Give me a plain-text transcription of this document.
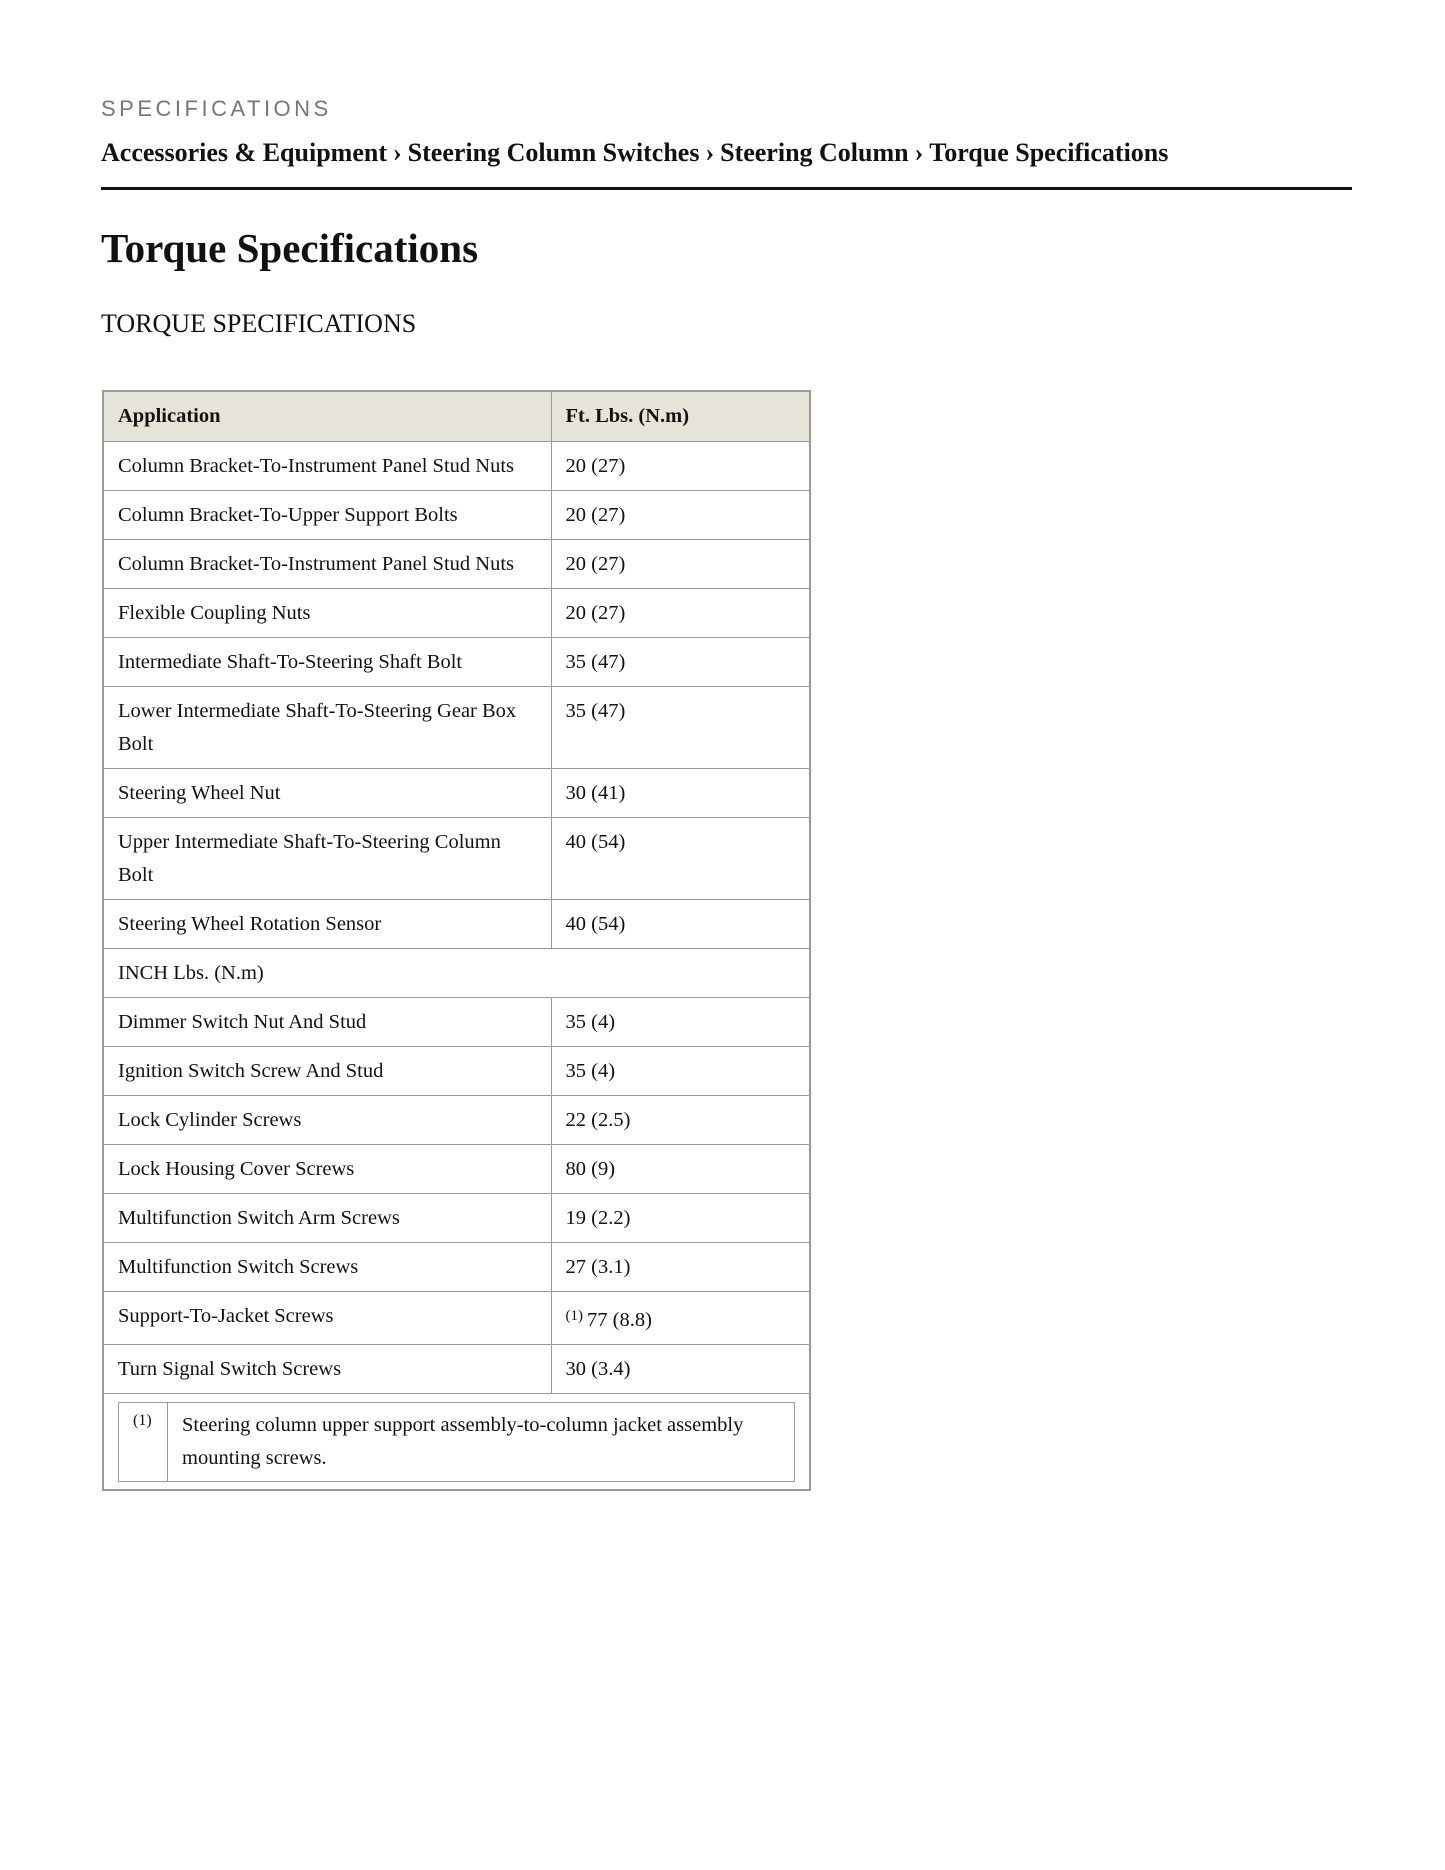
SPECIFICATIONS
Accessories & Equipment › Steering Column Switches › Steering Column › Torque Specifications
Torque Specifications
TORQUE SPECIFICATIONS
Application	Ft. Lbs. (N.m)
Column Bracket-To-Instrument Panel Stud Nuts	20 (27)
Column Bracket-To-Upper Support Bolts	20 (27)
Column Bracket-To-Instrument Panel Stud Nuts	20 (27)
Flexible Coupling Nuts	20 (27)
Intermediate Shaft-To-Steering Shaft Bolt	35 (47)
Lower Intermediate Shaft-To-Steering Gear Box Bolt	35 (47)
Steering Wheel Nut	30 (41)
Upper Intermediate Shaft-To-Steering Column Bolt	40 (54)
Steering Wheel Rotation Sensor	40 (54)
INCH Lbs. (N.m)
Dimmer Switch Nut And Stud	35 (4)
Ignition Switch Screw And Stud	35 (4)
Lock Cylinder Screws	22 (2.5)
Lock Housing Cover Screws	80 (9)
Multifunction Switch Arm Screws	19 (2.2)
Multifunction Switch Screws	27 (3.1)
Support-To-Jacket Screws	$^{(1)}$ 77 (8.8)
Turn Signal Switch Screws	30 (3.4)

(1)	Steering column upper support assembly-to-column jacket assembly mounting screws.
